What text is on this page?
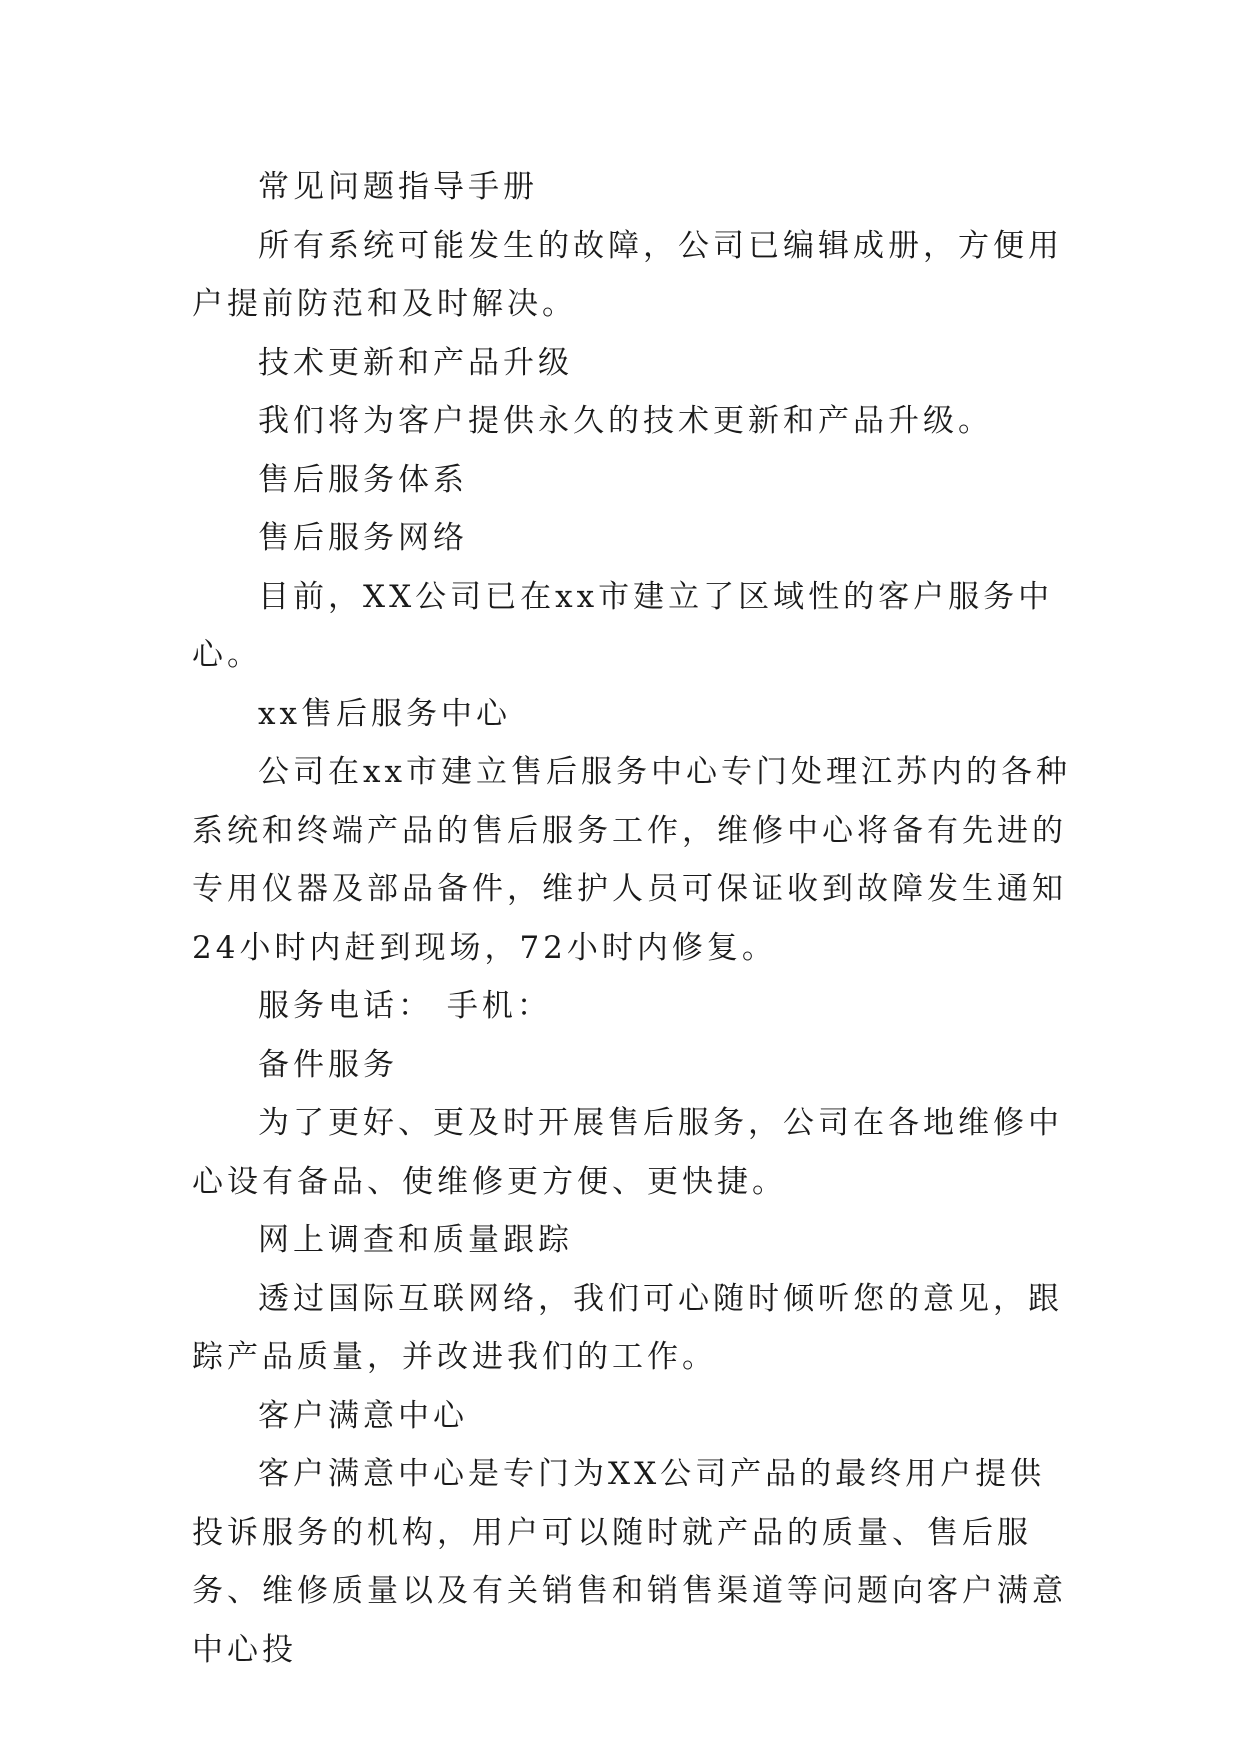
常见问题指导手册

所有系统可能发生的故障，公司已编辑成册，方便用户提前防范和及时解决。

技术更新和产品升级

我们将为客户提供永久的技术更新和产品升级。

售后服务体系

售后服务网络

目前，XX公司已在xx市建立了区域性的客户服务中心。

xx售后服务中心

公司在xx市建立售后服务中心专门处理江苏内的各种系统和终端产品的售后服务工作，维修中心将备有先进的专用仪器及部品备件，维护人员可保证收到故障发生通知24小时内赶到现场，72小时内修复。

服务电话： 手机：

备件服务

为了更好、更及时开展售后服务，公司在各地维修中心设有备品、使维修更方便、更快捷。

网上调查和质量跟踪

透过国际互联网络，我们可心随时倾听您的意见，跟踪产品质量，并改进我们的工作。

客户满意中心

客户满意中心是专门为XX公司产品的最终用户提供投诉服务的机构，用户可以随时就产品的质量、售后服务、维修质量以及有关销售和销售渠道等问题向客户满意中心投
